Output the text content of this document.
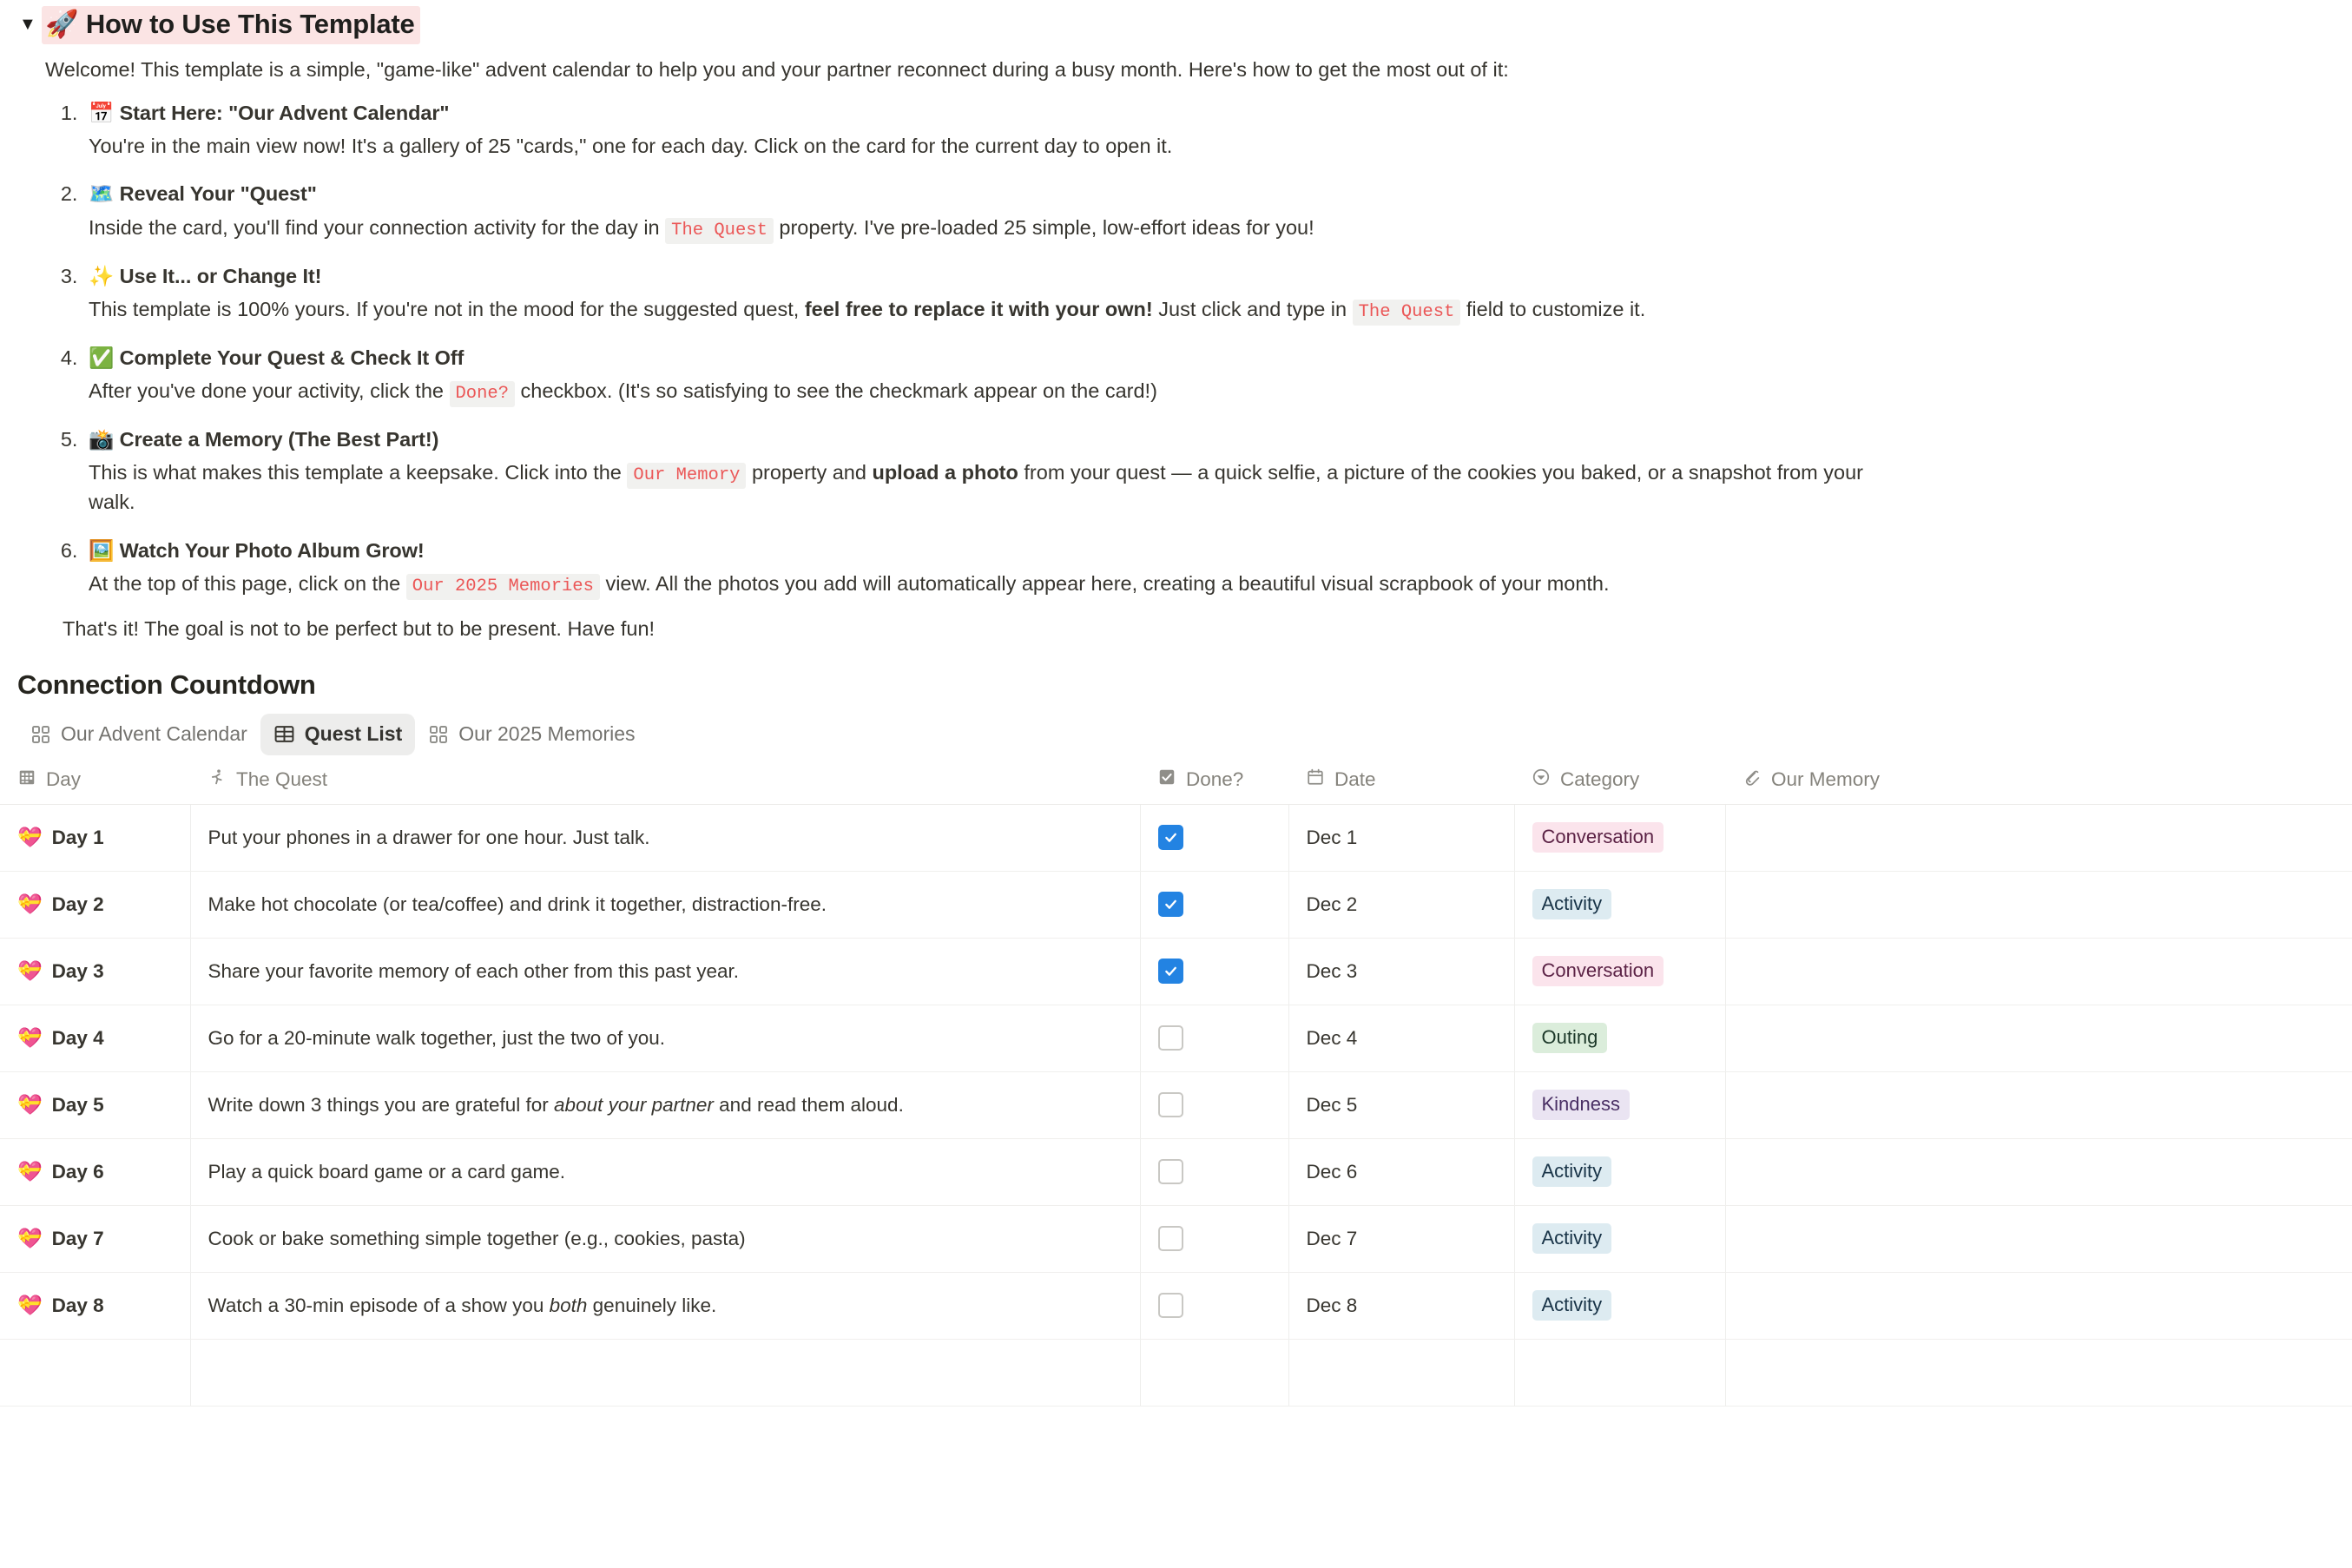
▼ 🚀 How to Use This Template
Welcome! This template is a simple, "game-like" advent calendar to help you and your partner reconnect during a busy month. Here's how to get the most out of it:
1. 📅 Start Here: "Our Advent Calendar"
You're in the main view now! It's a gallery of 25 "cards," one for each day. Click on the card for the current day to open it.
2. 🗺️ Reveal Your "Quest"
Inside the card, you'll find your connection activity for the day in The Quest property. I've pre-loaded 25 simple, low-effort ideas for you!
3. ✨ Use It... or Change It!
This template is 100% yours. If you're not in the mood for the suggested quest, feel free to replace it with your own! Just click and type in The Quest field to customize it.
4. ✅ Complete Your Quest & Check It Off
After you've done your activity, click the Done? checkbox. (It's so satisfying to see the checkmark appear on the card!)
5. 📸 Create a Memory (The Best Part!)
This is what makes this template a keepsake. Click into the Our Memory property and upload a photo from your quest — a quick selfie, a picture of the cookies you baked, or a snapshot from your
walk.
6. 🖼️ Watch Your Photo Album Grow!
At the top of this page, click on the Our 2025 Memories view. All the photos you add will automatically appear here, creating a beautiful visual scrapbook of your month.
That's it! The goal is not to be perfect but to be present. Have fun!
Connection Countdown
Our Advent Calendar	Quest List	Our 2025 Memories
Day	The Quest	Done?	Date	Category	Our Memory

💝 Day 1	Put your phones in a drawer for one hour. Just talk.		Dec 1	Conversation	

💝 Day 2	Make hot chocolate (or tea/coffee) and drink it together, distraction-free.		Dec 2	Activity	

💝 Day 3	Share your favorite memory of each other from this past year.		Dec 3	Conversation	

💝 Day 4	Go for a 20-minute walk together, just the two of you.		Dec 4	Outing	

💝 Day 5	Write down 3 things you are grateful for about your partner and read them aloud.		Dec 5	Kindness	

💝 Day 6	Play a quick board game or a card game.		Dec 6	Activity	

💝 Day 7	Cook or bake something simple together (e.g., cookies, pasta)		Dec 7	Activity	

💝 Day 8	Watch a 30-min episode of a show you both genuinely like.		Dec 8	Activity	
